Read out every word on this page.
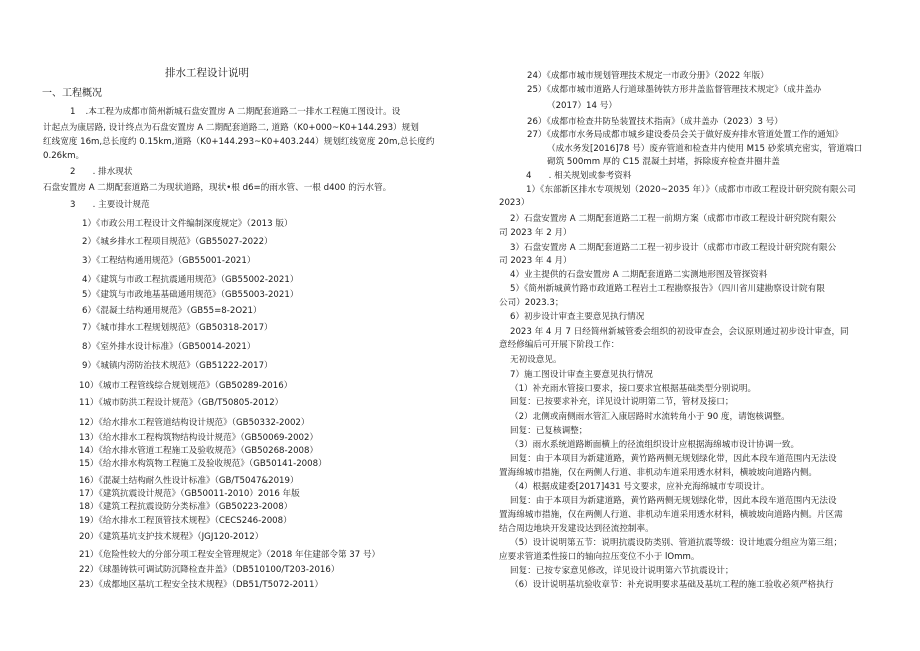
排水工程设计说明
一、工程概况
1 .本工程为成都市简州新城石盘安置房 A 二期配套道路二一排水工程施工图设计。设
计起点为康居路, 设计终点为石盘安置房 A 二期配套道路二, 道路（K0+000~K0+144.293）规划
红线宽度 16m,总长度约 0.15km,道路（K0+144.293~K0+403.244）规划红线宽度 20m,总长度约
0.26km。
2　　. 排水现状
石盘安置房 A 二期配套道路二为现状道路，现状•根 d6=的雨水管、一根 d400 的污水管。
3　　. 主要设计规范
1）《市政公用工程设计文件编制深度规定》（2013 版）
2）《城乡排水工程项目规范》（GB55027-2022）
3）《工程结构通用规范》（GB55001-2021）
4）《建筑与市政工程抗震通用规范》（GB55002-2021）
5）《建筑与市政地基基础通用规范》（GB55003-2021）
6）《混凝土结构通用规范》（GB55=8-2O21）
7）《城市排水工程规划规范》（GB50318-2017）
8）《室外排水设计标准》（GB50014-2021）
9）《城镇内涝防治技术规范》（GB51222-2017）
10）《城市工程管线综合规划规范》（GB50289-2016）
11）《城市防洪工程设计规范》（GB/T50805-2012）
12）《给水排水工程管道结构设计规范》（GB50332-2002）
13）《给水排水工程构筑物结构设计规范》（GB50069-2002）
14）《给水排水管道工程施工及验收规范》（GB50268-2008）
15）《给水排水构筑物工程施工及验收规范》（GB50141-2008）
16）《混凝土结构耐久性设计标准》（GB/T5047&2019）
17）《建筑抗震设计规范》（GB50011-2010）2016 年版
18）《建筑工程抗震设防分类标准》（GB50223-2008）
19）《给水排水工程顶管技术规程》（CECS246-2008）
20）《建筑基坑支护技术规程》（JGJ120-2012）
21）《危险性较大的分部分项工程安全管理规定》（2018 年住建部令第 37 号）
22）《球墨铸铁可调试防沉降检查井盖》（DB510100/T203-2016）
23）《成都地区基坑工程安全技术规程》（DB51/T5072-2011）
24）《成都市城市规划管理技术规定一市政分册》（2022 年版）
25）《成都市城市道路人行道球墨铸铁方形井盖监督管理技术规定》（成井盖办
（2017）14 号）
26）《成都市检查井防坠装置技术指南》（成井盖办（2023）3 号）
27）《成都市水务局成都市城乡建设委员会关于做好废弃排水管道处置工作的通知》
（成水务发[2016]78 号）废弃管道和检查井内使用 M15 砂浆填充密实，管道端口
砌筑 500mm 厚的 C15 混凝土封堵，拆除废弃检查井圈井盖
4　　. 相关规划或参考资料
1）《东部新区排水专项规划（2020~2035 年）》（成都市市政工程设计研究院有限公司
2023）
2）石盘安置房 A 二期配套道路二工程一前期方案（成都市市政工程设计研究院有限公
司 2023 年 2 月）
3）石盘安置房 A 二期配套道路二工程一初步设计（成都市市政工程设计研究院有限公
司 2023 年 4 月）
4）业主提供的石盘安置房 A 二期配套道路二实测地形图及管探资料
5）《简州新城黄竹路市政道路工程岩土工程勘察报告》（四川省川建勘察设计院有限
公司）2023.3；
6）初步设计审查主要意见执行情况
2023 年 4 月 7 日经简州新城管委会组织的初设审查会，会议原则通过初步设计审查，同
意经修编后可开展下阶段工作：
无初设意见。
7）施工图设计审查主要意见执行情况
（1）补充雨水管接口要求，接口要求宜根据基础类型分别说明。
回复：已按要求补充，详见设计说明第二节，管材及接口；
（2）北侧或南侧雨水管汇入康居路时水流转角小于 90 度，请饱核调整。
回复：已复核调整；
（3）雨水系统道路断面横上的径流组织设计应根据海绵城市设计协调一致。
回复：由于本项目为新建道路，黄竹路两侧无规划绿化带，因此本段车道范围内无法设
置海绵城市措施，仅在两侧人行道、非机动车道采用透水材料，横坡坡向道路内侧。
（4）根据成建委[2017]431 号文要求，应补充海绵城市专项设计。
回复：由于本项目为新建道路，黄竹路两侧无规划绿化带，因此本段车道范围内无法设
置海绵城市措施，仅在两侧人行道、非机动车道采用透水材料，横坡坡向道路内侧。片区需
结合周边地块开发建设达到径流控制率。
（5）设计说明第五节：说明抗震设防类别、管道抗震等级：设计地震分组应为第三组；
应要求管道柔性接口的轴向拉压变位不小于 lOmm。
回复：已按专家意见修改，详见设计说明第六节抗震设计；
（6）设计说明基坑验收章节：补充说明要求基础及基坑工程的施工验收必须严格执行
